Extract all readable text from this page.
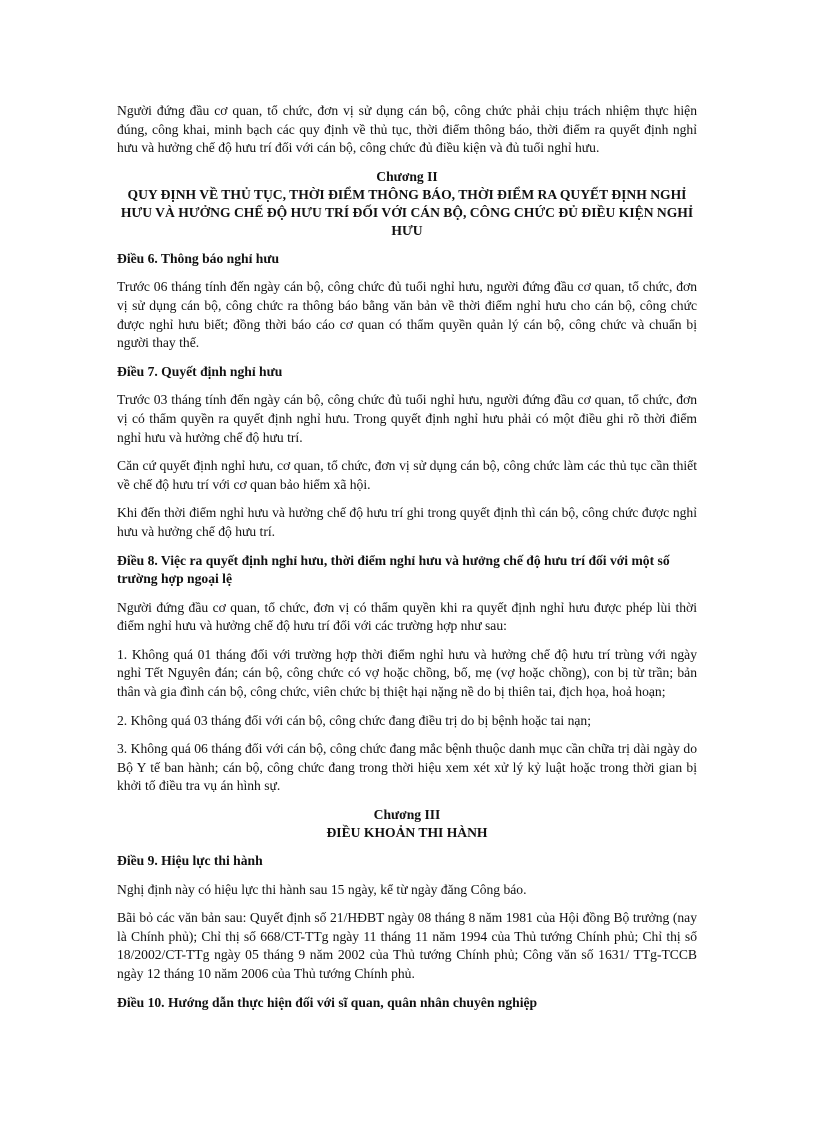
Người đứng đầu cơ quan, tổ chức, đơn vị sử dụng cán bộ, công chức phải chịu trách nhiệm thực hiện đúng, công khai, minh bạch các quy định về thủ tục, thời điểm thông báo, thời điểm ra quyết định nghỉ hưu và hưởng chế độ hưu trí đối với cán bộ, công chức đủ điều kiện và đủ tuổi nghỉ hưu.

Chương II
QUY ĐỊNH VỀ THỦ TỤC, THỜI ĐIỂM THÔNG BÁO, THỜI ĐIỂM RA QUYẾT ĐỊNH NGHỈ HƯU VÀ HƯỞNG CHẾ ĐỘ HƯU TRÍ ĐỐI VỚI CÁN BỘ, CÔNG CHỨC ĐỦ ĐIỀU KIỆN NGHỈ HƯU
Điều 6. Thông báo nghỉ hưu

Trước 06 tháng tính đến ngày cán bộ, công chức đủ tuổi nghỉ hưu, người đứng đầu cơ quan, tổ chức, đơn vị sử dụng cán bộ, công chức ra thông báo bằng văn bản về thời điểm nghỉ hưu cho cán bộ, công chức được nghỉ hưu biết; đồng thời báo cáo cơ quan có thẩm quyền quản lý cán bộ, công chức và chuẩn bị người thay thế.

Điều 7. Quyết định nghỉ hưu

Trước 03 tháng tính đến ngày cán bộ, công chức đủ tuổi nghỉ hưu, người đứng đầu cơ quan, tổ chức, đơn vị có thẩm quyền ra quyết định nghỉ hưu. Trong quyết định nghỉ hưu phải có một điều ghi rõ thời điểm nghỉ hưu và hưởng chế độ hưu trí.

Căn cứ quyết định nghỉ hưu, cơ quan, tổ chức, đơn vị sử dụng cán bộ, công chức làm các thủ tục cần thiết về chế độ hưu trí với cơ quan bảo hiểm xã hội.

Khi đến thời điểm nghỉ hưu và hưởng chế độ hưu trí ghi trong quyết định thì cán bộ, công chức được nghỉ hưu và hưởng chế độ hưu trí.

Điều 8. Việc ra quyết định nghỉ hưu, thời điểm nghỉ hưu và hưởng chế độ hưu trí đối với một số trường hợp ngoại lệ

Người đứng đầu cơ quan, tổ chức, đơn vị có thẩm quyền khi ra quyết định nghỉ hưu được phép lùi thời điểm nghỉ hưu và hưởng chế độ hưu trí đối với các trường hợp như sau:

1. Không quá 01 tháng đối với trường hợp thời điểm nghỉ hưu và hưởng chế độ hưu trí trùng với ngày nghỉ Tết Nguyên đán; cán bộ, công chức có vợ hoặc chồng, bố, mẹ (vợ hoặc chồng), con bị từ trần; bản thân và gia đình cán bộ, công chức, viên chức bị thiệt hại nặng nề do bị thiên tai, địch họa, hoả hoạn;

2. Không quá 03 tháng đối với cán bộ, công chức đang điều trị do bị bệnh hoặc tai nạn;

3. Không quá 06 tháng đối với cán bộ, công chức đang mắc bệnh thuộc danh mục cần chữa trị dài ngày do Bộ Y tế ban hành; cán bộ, công chức đang trong thời hiệu xem xét xử lý kỷ luật hoặc trong thời gian bị khởi tố điều tra vụ án hình sự.

Chương III
ĐIỀU KHOẢN THI HÀNH
Điều 9. Hiệu lực thi hành

Nghị định này có hiệu lực thi hành sau 15 ngày, kể từ ngày đăng Công báo.

Bãi bỏ các văn bản sau: Quyết định số 21/HĐBT ngày 08 tháng 8 năm 1981 của Hội đồng Bộ trưởng (nay là Chính phủ); Chỉ thị số 668/CT-TTg ngày 11 tháng 11 năm 1994 của Thủ tướng Chính phủ; Chỉ thị số 18/2002/CT-TTg ngày 05 tháng 9 năm 2002 của Thủ tướng Chính phủ; Công văn số 1631/ TTg-TCCB ngày 12 tháng 10 năm 2006 của Thủ tướng Chính phủ.

Điều 10. Hướng dẫn thực hiện đối với sĩ quan, quân nhân chuyên nghiệp
